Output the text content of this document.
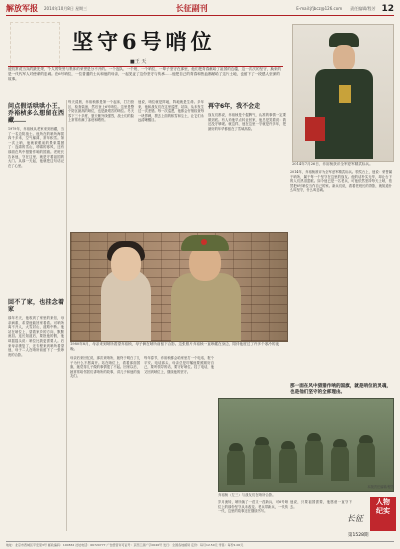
解放军报 2014年10月8日 星期三	长征副刊	E-mail:jfjbcz@126.com 责任编辑/程芳 12
坚守6号哨位
■王 天
他们常说当兵的最光荣，个人的荣誉与集体的荣誉是分不开的。一个连队、一个班、一个哨位，一辈子坚守在那里，他们把青春献给了祖国的边疆，这一次次的坚守，换来的是一代代军人对使命的忠诚。在6号哨位，一位普通的士兵和他的母亲，一起见证了这份坚守与传承……他把自己的青春和热血都献给了这片土地，也留下了一段感人至深的故事。
2014年7月26日，乔裕桢获评全军爱军精武标兵。
问点假话哄哄小王，乔裕桢多么想留在西藏……

1979年，乔裕桢从老家来到西藏，当了一名边防战士。他所在的哨所海拔四千多米，空气稀薄，常年积雪。第一次上哨，他就被眼前的景象震撼了：连绵的雪山，呼啸的寒风，还有那面在风中猎猎作响的国旗。老班长告诉他，守在这里，就是守着祖国的大门。从那一天起，他就把这句话记在了心里。

回不了家，也挂念着家

那年冬天，他收到了家里的来信，母亲病重，希望他能回家看看。可哨所离不开人，大雪封山，道路中断。他站在哨位上，望着家乡的方向，默默流泪。连长知道后，要批他的假，他却摇摇头说：哨位比我更需要人。后来母亲康复了，还专程来到哨所看望他，母子二人在哨所前留下了一张珍贵的合影。

每天清晨，乔裕桢都是第一个起床，打扫营区，检查装备，然后登上6号哨位。这里是整个防区最高的哨位，也是最艰苦的哨位。冬天零下三十多度，夏天紫外线强烈，战士们的脸上常常布满了冻疮和晒伤。

他说，哨位就是阵地，阵地就是生命。多年来，他和战友们在这里巡逻、站岗，从未发生过一次差错。每一次巡逻，他都会仔细检查每一块界碑，擦去上面的积雪和尘土，让它们永远清晰醒目。

再守6年，我不会走

战友们都说，乔裕桢是个倔脾气，认准的事情一定要做到底。有人劝他早点转业回家，他总是笑着说：我还没守够呢。就这样，他在这里一守就是许多年，把最好的年华都留在了雪域高原。

2014年，乔裕桢被评为全军爱军精武标兵。领奖台上，他说：荣誉属于哨所，属于每一个坚守在这里的战友。他的话朴实无华，却让台下的人们热泪盈眶。如今他已是一名老兵，可他依然坚持每天上哨，依然把6号哨位当作自己的家。新兵们说，看着老班长的背影，就知道什么叫坚守，什么叫忠诚。

1980年8月，母亲来到哨所看望乔裕桢，母子俩在哨所前留下合影。这张照片乔裕桢一直珍藏在身边，陪伴他度过了许多个寒冷的夜晚。

母亲后来回忆说，那次来哨所，她终于明白了儿子为什么不愿离开。站在哨位上，看着那面国旗，她觉得儿子做的事情很了不起。回家以后，她常常给邻居们讲哨所的故事，讲儿子和他的战友们。

每年春节，乔裕桢都会给家里打一个电话，报个平安。电话那头，母亲总是叮嘱他要照顾好自己，要听领导的话，要守好哨位。挂了电话，他又回到哨位上，继续他的坚守。

那一面在风中猎猎作响的国旗，就是哨位的灵魂，也是他们坚守的全部理由。
乔裕桢（左三）与战友们在哨所合影。

岁月流转，哨所换了一茬又一茬新兵，可6号哨位上的那份坚守从未改变。老兵带新兵，一代传一代，这里的故事还在继续书写。

他说，只要祖国需要，他愿意一直守下去。

本版责任编辑/程芳
人物
纪实
长征
第1528期
地址：北京市西城区平安里3号 邮政编码：100832 社址电话：66720777 广告经营许可证号：京西工商广字0046号 发行：全国各地邮局 定价：每月12.50元 零售：每份1.00元
